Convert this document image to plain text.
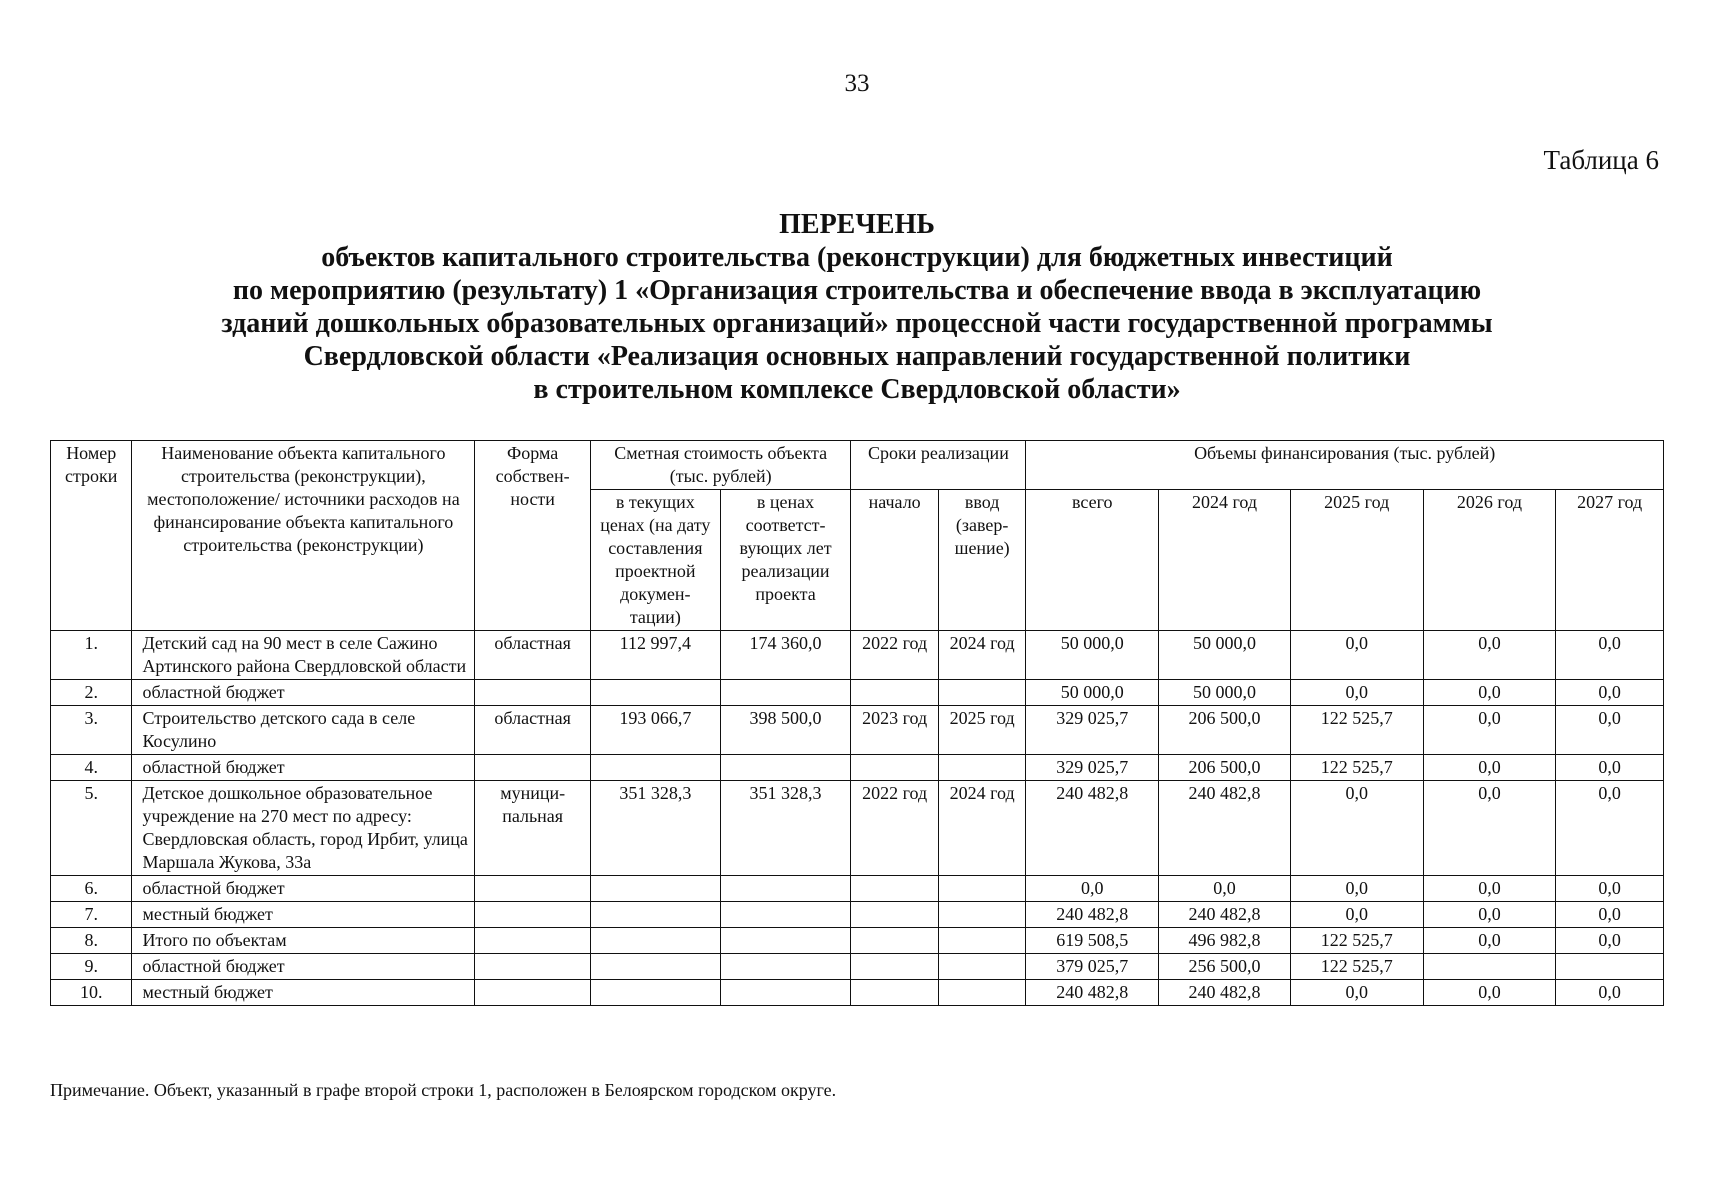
33
Таблица 6
ПЕРЕЧЕНЬ
объектов капитального строительства (реконструкции) для бюджетных инвестиций
по мероприятию (результату) 1 «Организация строительства и обеспечение ввода в эксплуатацию
зданий дошкольных образовательных организаций» процессной части государственной программы
Свердловской области «Реализация основных направлений государственной политики
в строительном комплексе Свердловской области»
Номер строки	Наименование объекта капитального строительства (реконструкции), местоположение/ источники расходов на финансирование объекта капитального строительства (реконструкции)	Форма собствен-ности	Сметная стоимость объекта (тыс. рублей)		Сроки реализации		Объемы финансирования (тыс. рублей)				
			в текущих ценах (на дату составления проектной докумен-тации)	в ценах соответст-вующих лет реализации проекта	начало	ввод (завер-шение)	всего	2024 год	2025 год	2026 год	2027 год
1.	Детский сад на 90 мест в селе Сажино Артинского района Свердловской области	областная	112 997,4	174 360,0	2022 год	2024 год	50 000,0	50 000,0	0,0	0,0	0,0
2.	областной бюджет						50 000,0	50 000,0	0,0	0,0	0,0
3.	Строительство детского сада в селе Косулино	областная	193 066,7	398 500,0	2023 год	2025 год	329 025,7	206 500,0	122 525,7	0,0	0,0
4.	областной бюджет						329 025,7	206 500,0	122 525,7	0,0	0,0
5.	Детское дошкольное образовательное учреждение на 270 мест по адресу: Свердловская область, город Ирбит, улица Маршала Жукова, 33а	муници-пальная	351 328,3	351 328,3	2022 год	2024 год	240 482,8	240 482,8	0,0	0,0	0,0
6.	областной бюджет						0,0	0,0	0,0	0,0	0,0
7.	местный бюджет						240 482,8	240 482,8	0,0	0,0	0,0
8.	Итого по объектам						619 508,5	496 982,8	122 525,7	0,0	0,0
9.	областной бюджет						379 025,7	256 500,0	122 525,7		
10.	местный бюджет						240 482,8	240 482,8	0,0	0,0	0,0
Примечание. Объект, указанный в графе второй строки 1, расположен в Белоярском городском округе.
